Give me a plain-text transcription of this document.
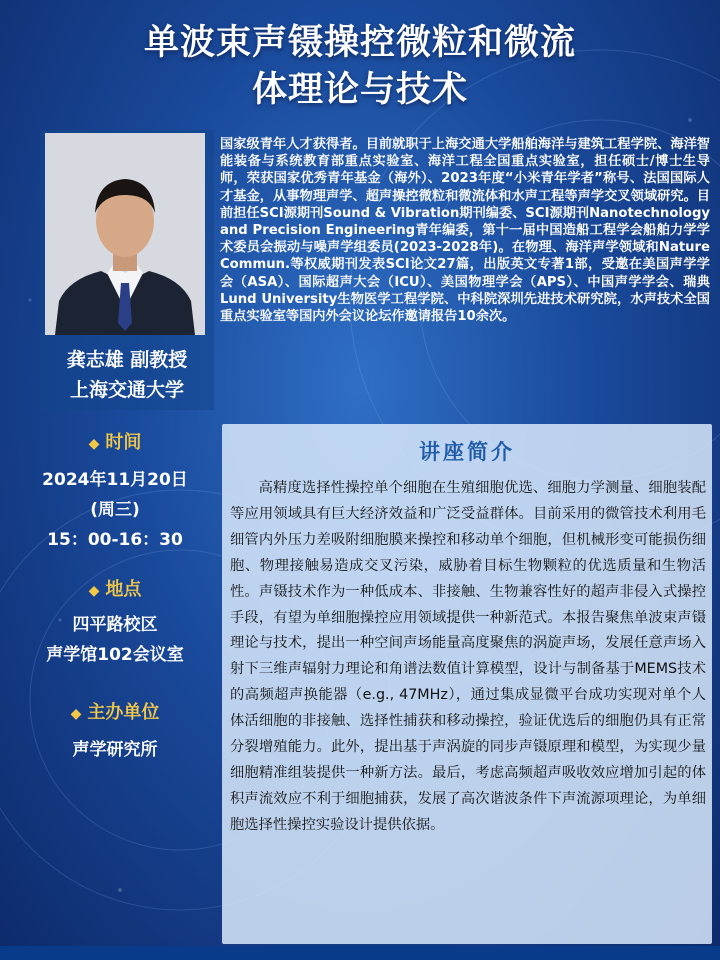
单波束声镊操控微粒和微流
体理论与技术
龚志雄 副教授
上海交通大学
国家级青年人才获得者。目前就职于上海交通大学船舶海洋与建筑工程学院、海洋智能装备与系统教育部重点实验室、海洋工程全国重点实验室，担任硕士/博士生导师，荣获国家优秀青年基金（海外）、2023年度“小米青年学者”称号、法国国际人才基金，从事物理声学、超声操控微粒和微流体和水声工程等声学交叉领域研究。目前担任SCI源期刊Sound & Vibration期刊编委、SCI源期刊Nanotechnology and Precision Engineering青年编委，第十一届中国造船工程学会船舶力学学术委员会振动与噪声学组委员(2023-2028年)。在物理、海洋声学领域和Nature Commun.等权威期刊发表SCI论文27篇，出版英文专著1部，受邀在美国声学学会（ASA）、国际超声大会（ICU）、美国物理学会（APS）、中国声学学会、瑞典Lund University生物医学工程学院、中科院深圳先进技术研究院，水声技术全国重点实验室等国内外会议论坛作邀请报告10余次。
◆ 时间
2024年11月20日
(周三)
15：00-16：30
◆ 地点
四平路校区
声学馆102会议室
◆ 主办单位
声学研究所
讲座简介
高精度选择性操控单个细胞在生殖细胞优选、细胞力学测量、细胞装配等应用领域具有巨大经济效益和广泛受益群体。目前采用的微管技术利用毛细管内外压力差吸附细胞膜来操控和移动单个细胞，但机械形变可能损伤细胞、物理接触易造成交叉污染，威胁着目标生物颗粒的优选质量和生物活性。声镊技术作为一种低成本、非接触、生物兼容性好的超声非侵入式操控手段，有望为单细胞操控应用领域提供一种新范式。本报告聚焦单波束声镊理论与技术，提出一种空间声场能量高度聚焦的涡旋声场，发展任意声场入射下三维声辐射力理论和角谱法数值计算模型，设计与制备基于MEMS技术的高频超声换能器（e.g., 47MHz），通过集成显微平台成功实现对单个人体活细胞的非接触、选择性捕获和移动操控，验证优选后的细胞仍具有正常分裂增殖能力。此外，提出基于声涡旋的同步声镊原理和模型，为实现少量细胞精准组装提供一种新方法。最后，考虑高频超声吸收效应增加引起的体积声流效应不利于细胞捕获，发展了高次谐波条件下声流源项理论，为单细胞选择性操控实验设计提供依据。
